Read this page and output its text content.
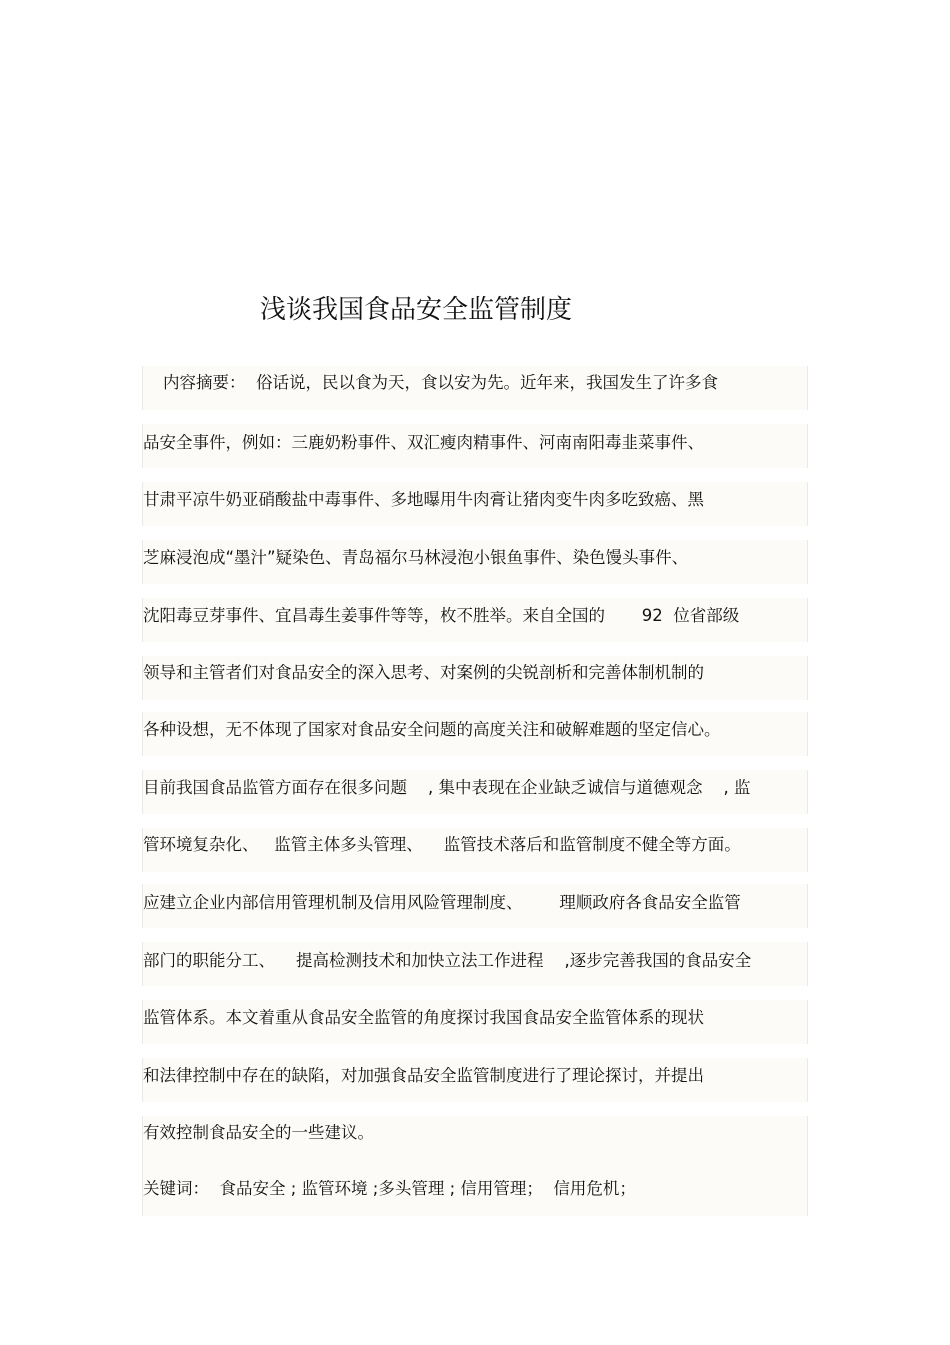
浅谈我国食品安全监管制度
内容摘要：  俗话说，民以食为天，食以安为先。近年来，我国发生了许多食
品安全事件，例如：三鹿奶粉事件、双汇瘦肉精事件、河南南阳毒韭菜事件、
甘肃平凉牛奶亚硝酸盐中毒事件、多地曝用牛肉膏让猪肉变牛肉多吃致癌、黑
芝麻浸泡成“墨汁”疑染色、青岛福尔马林浸泡小银鱼事件、染色馒头事件、
沈阳毒豆芽事件、宜昌毒生姜事件等等，枚不胜举。来自全国的       92  位省部级
领导和主管者们对食品安全的深入思考、对案例的尖锐剖析和完善体制机制的
各种设想，无不体现了国家对食品安全问题的高度关注和破解难题的坚定信心。
目前我国食品监管方面存在很多问题    , 集中表现在企业缺乏诚信与道德观念    , 监
管环境复杂化、   监管主体多头管理、    监管技术落后和监管制度不健全等方面。
应建立企业内部信用管理机制及信用风险管理制度、       理顺政府各食品安全监管
部门的职能分工、    提高检测技术和加快立法工作进程    ,逐步完善我国的食品安全
监管体系。本文着重从食品安全监管的角度探讨我国食品安全监管体系的现状
和法律控制中存在的缺陷，对加强食品安全监管制度进行了理论探讨，并提出
有效控制食品安全的一些建议。
关键词：  食品安全 ; 监管环境 ;多头管理 ; 信用管理；  信用危机；
